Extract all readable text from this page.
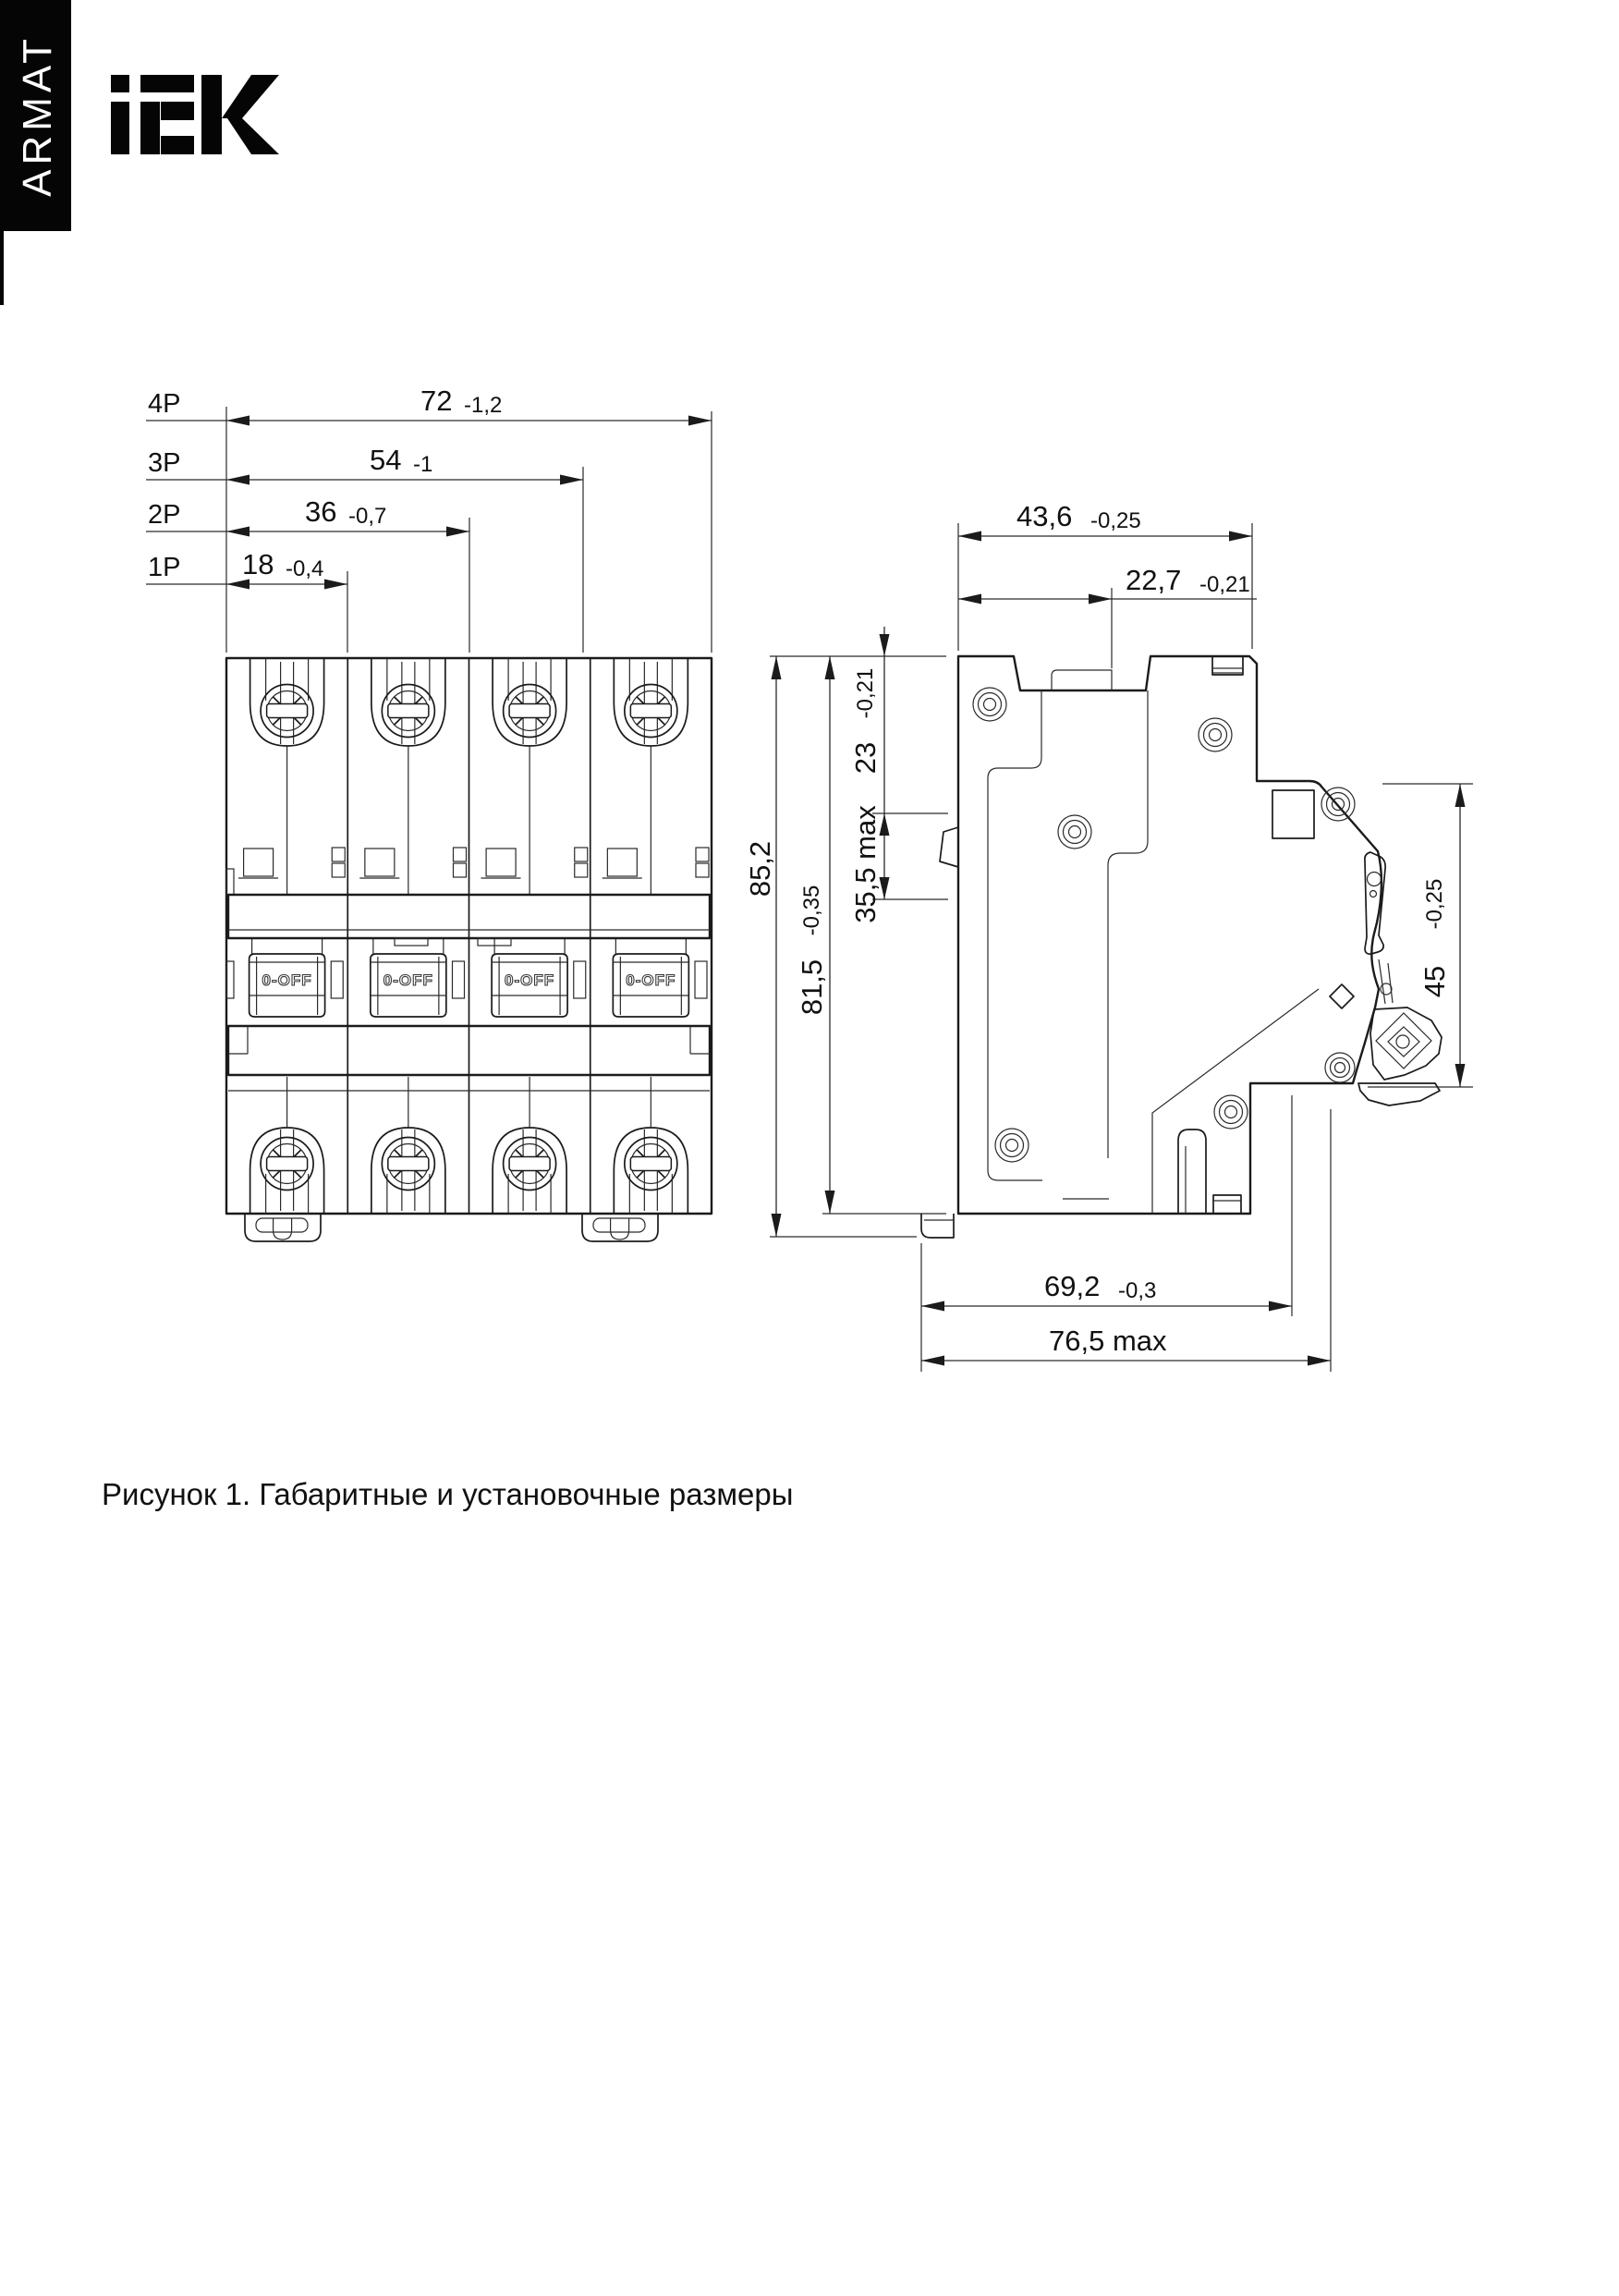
ARMAT
4P	72 -1,2
3P	54 -1
2P	36 -0,7
1P 18 -0,4
0-OFF	0-OFF	0-OFF	0-OFF
43,6 -0,25
22,7 -0,21
85,2
81,5
-0,35
23
-0,21
35,5 max
45
-0,25
69,2 -0,3
76,5 max
Рисунок 1. Габаритные и установочные размеры
